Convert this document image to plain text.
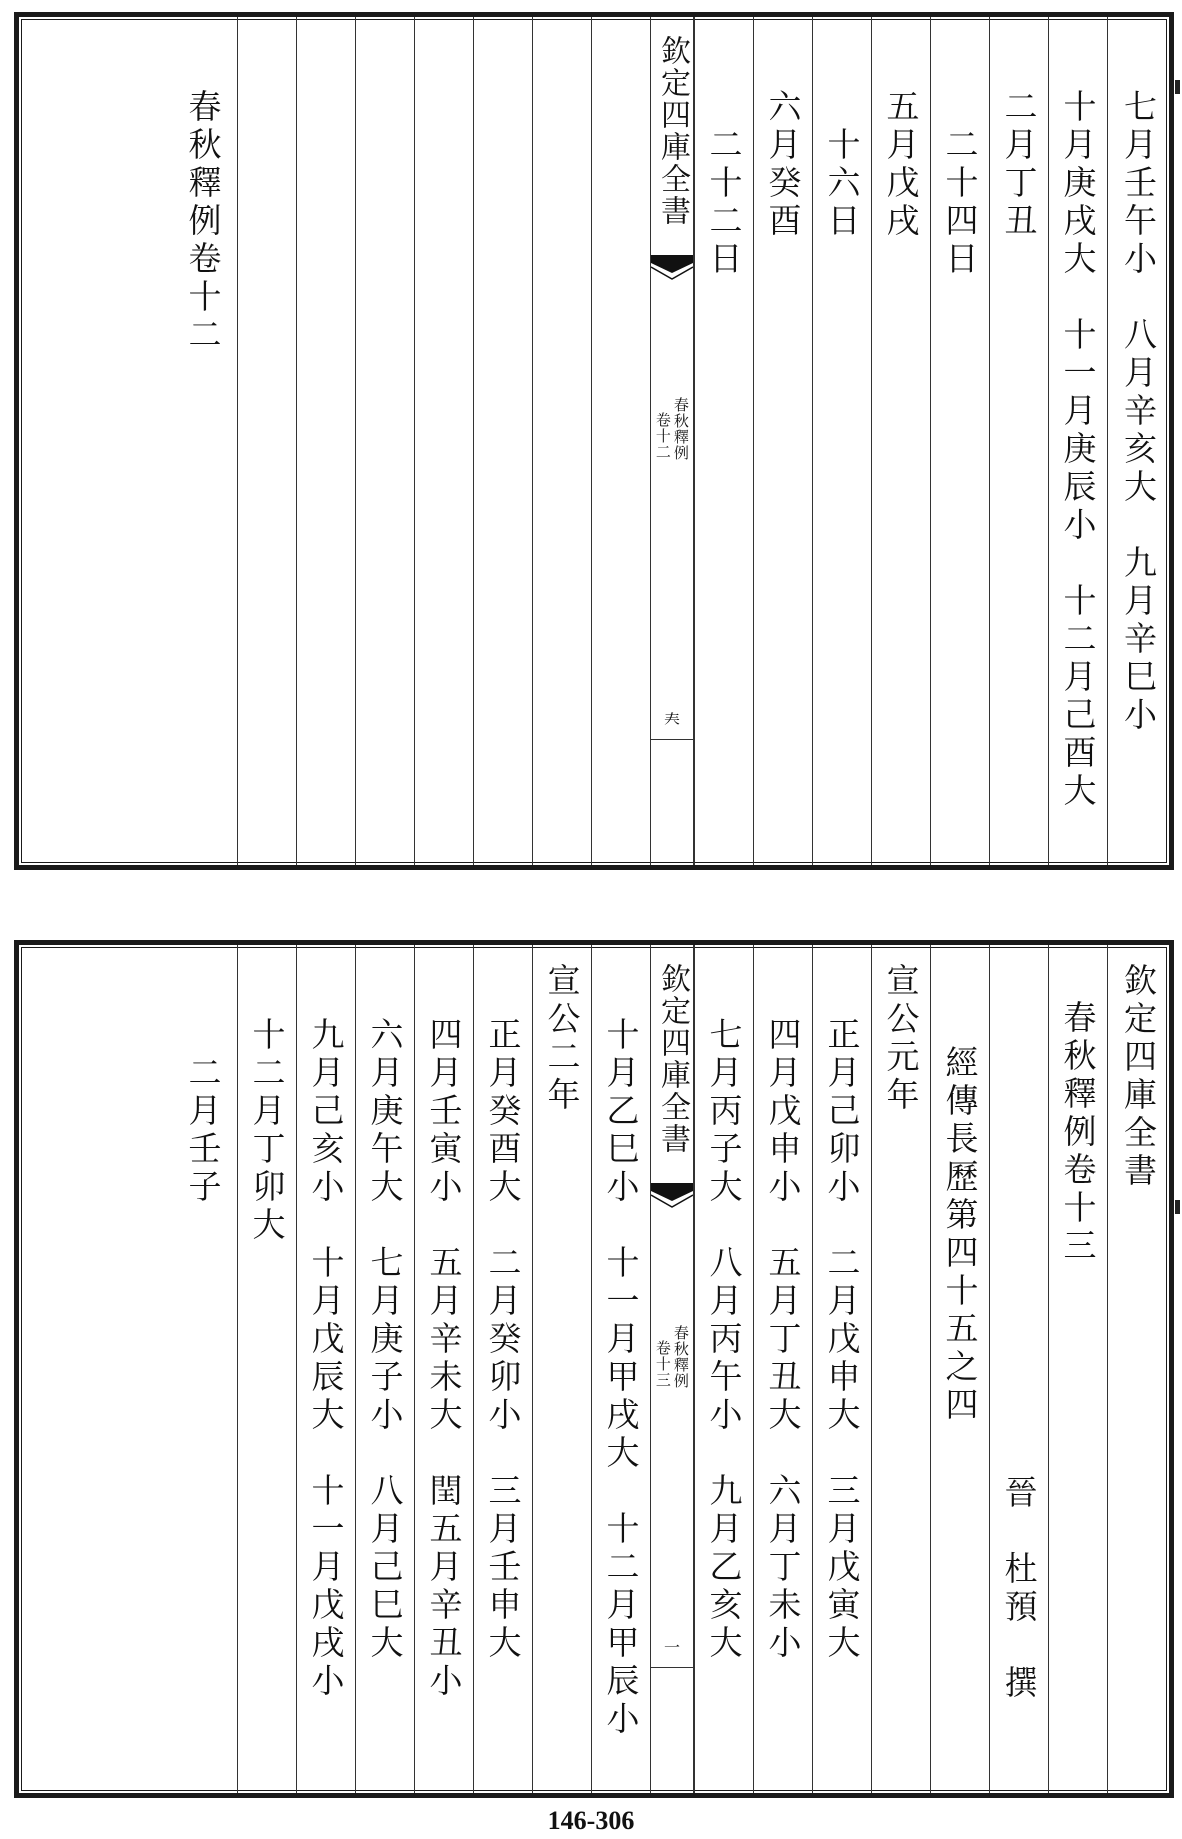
七月壬午小　八月辛亥大　九月辛巳小
十月庚戌大　十一月庚辰小　十二月己酉大
二月丁丑
二十四日
五月戊戌
十六日
六月癸酉
二十二日
欽定四庫全書
春秋釋例
卷十二
𡗗
春秋釋例卷十二
欽定四庫全書
春秋釋例卷十三
晉　杜預　撰
經傳長歷第四十五之四
宣公元年
正月己卯小　二月戊申大　三月戊寅大
四月戊申小　五月丁丑大　六月丁未小
七月丙子大　八月丙午小　九月乙亥大
欽定四庫全書
春秋釋例
卷十三
一
十月乙巳小　十一月甲戌大　十二月甲辰小
宣公二年
正月癸酉大　二月癸卯小　三月壬申大
四月壬寅小　五月辛未大　閏五月辛丑小
六月庚午大　七月庚子小　八月己巳大
九月己亥小　十月戊辰大　十一月戊戌小
十二月丁卯大
二月壬子
146-306
